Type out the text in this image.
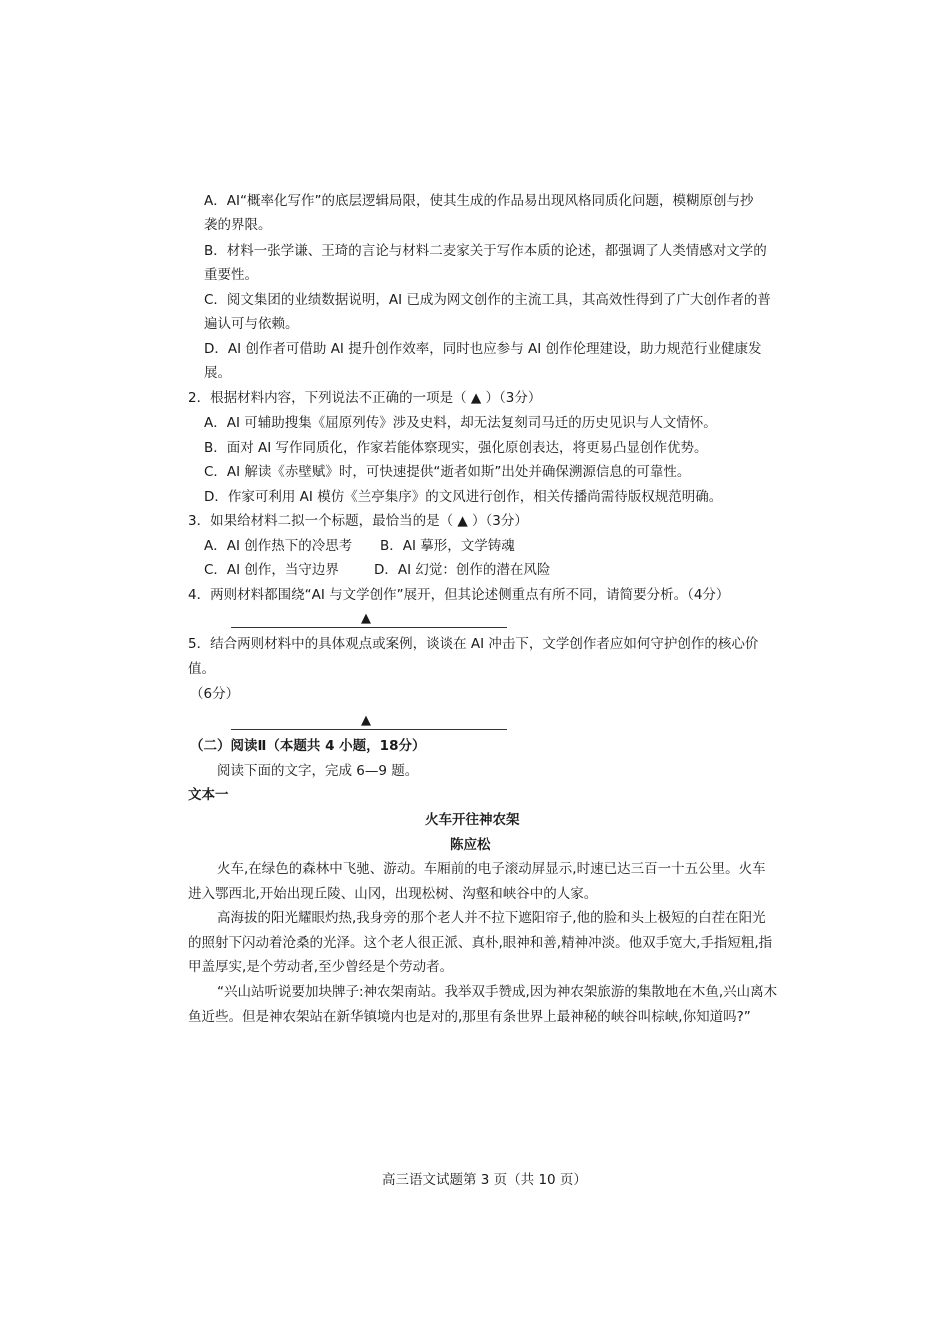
A．AI“概率化写作”的底层逻辑局限，使其生成的作品易出现风格同质化问题，模糊原创与抄
袭的界限。
B．材料一张学谦、王琦的言论与材料二麦家关于写作本质的论述，都强调了人类情感对文学的
重要性。
C．阅文集团的业绩数据说明，AI 已成为网文创作的主流工具，其高效性得到了广大创作者的普
遍认可与依赖。
D．AI 创作者可借助 AI 提升创作效率，同时也应参与 AI 创作伦理建设，助力规范行业健康发
展。
2．根据材料内容，下列说法不正确的一项是（ ▲ ）（3分）
A．AI 可辅助搜集《屈原列传》涉及史料，却无法复刻司马迁的历史见识与人文情怀。
B．面对 AI 写作同质化，作家若能体察现实，强化原创表达，将更易凸显创作优势。
C．AI 解读《赤壁赋》时，可快速提供“逝者如斯”出处并确保溯源信息的可靠性。
D．作家可利用 AI 模仿《兰亭集序》的文风进行创作，相关传播尚需待版权规范明确。
3．如果给材料二拟一个标题，最恰当的是（ ▲ ）（3分）
A．AI 创作热下的冷思考 B．AI 摹形，文学铸魂
C．AI 创作，当守边界	D．AI 幻觉：创作的潜在风险
4．两则材料都围绕“AI 与文学创作”展开，但其论述侧重点有所不同，请简要分析。（4分）
▲
5．结合两则材料中的具体观点或案例，谈谈在 AI 冲击下，文学创作者应如何守护创作的核心价
值。
（6分）
▲
（二）阅读Ⅱ（本题共 4 小题，18分）
阅读下面的文字，完成 6—9 题。
文本一
火车开往神农架
陈应松
火车,在绿色的森林中飞驰、游动。车厢前的电子滚动屏显示,时速已达三百一十五公里。火车
进入鄂西北,开始出现丘陵、山冈，出现松树、沟壑和峡谷中的人家。
高海拔的阳光耀眼灼热,我身旁的那个老人并不拉下遮阳帘子,他的脸和头上极短的白茬在阳光
的照射下闪动着沧桑的光泽。这个老人很正派、真朴,眼神和善,精神冲淡。他双手宽大,手指短粗,指
甲盖厚实,是个劳动者,至少曾经是个劳动者。
“兴山站听说要加块牌子:神农架南站。我举双手赞成,因为神农架旅游的集散地在木鱼,兴山离木
鱼近些。但是神农架站在新华镇境内也是对的,那里有条世界上最神秘的峡谷叫棕峡,你知道吗?”
高三语文试题第 3 页（共 10 页）
